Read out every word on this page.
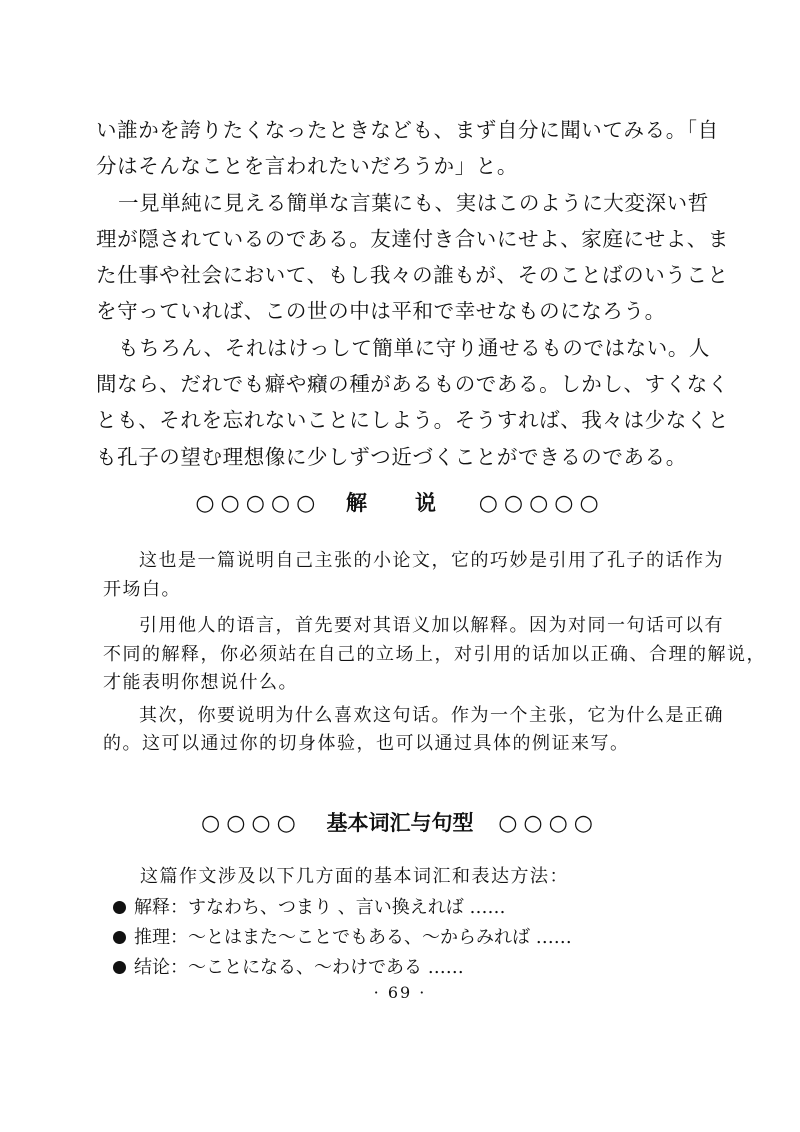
い誰かを誇りたくなったときなども、まず自分に聞いてみる。「自
分はそんなことを言われたいだろうか」と。
一見単純に見える簡単な言葉にも、実はこのように大変深い哲
理が隠されているのである。友達付き合いにせよ、家庭にせよ、ま
た仕事や社会において、もし我々の誰もが、そのことばのいうこと
を守っていれば、この世の中は平和で幸せなものになろう。
もちろん、それはけっして簡単に守り通せるものではない。人
間なら、だれでも癖や癪の種があるものである。しかし、すくなく
とも、それを忘れないことにしよう。そうすれば、我々は少なくと
も孔子の望む理想像に少しずつ近づくことができるのである。
○○○○○ 解说 ○○○○○
这也是一篇说明自己主张的小论文，它的巧妙是引用了孔子的话作为
开场白。
引用他人的语言，首先要对其语义加以解释。因为对同一句话可以有
不同的解释，你必须站在自己的立场上，对引用的话加以正确、合理的解说，
才能表明你想说什么。
其次，你要说明为什么喜欢这句话。作为一个主张，它为什么是正确
的。这可以通过你的切身体验，也可以通过具体的例证来写。
○○○○ 基本词汇与句型 ○○○○
这篇作文涉及以下几方面的基本词汇和表达方法：
解释：すなわち、つまり 、言い換えれば ……
推理：～とはまた～ことでもある、～からみれば ……
结论：～ことになる、～わけである ……
· 69 ·
